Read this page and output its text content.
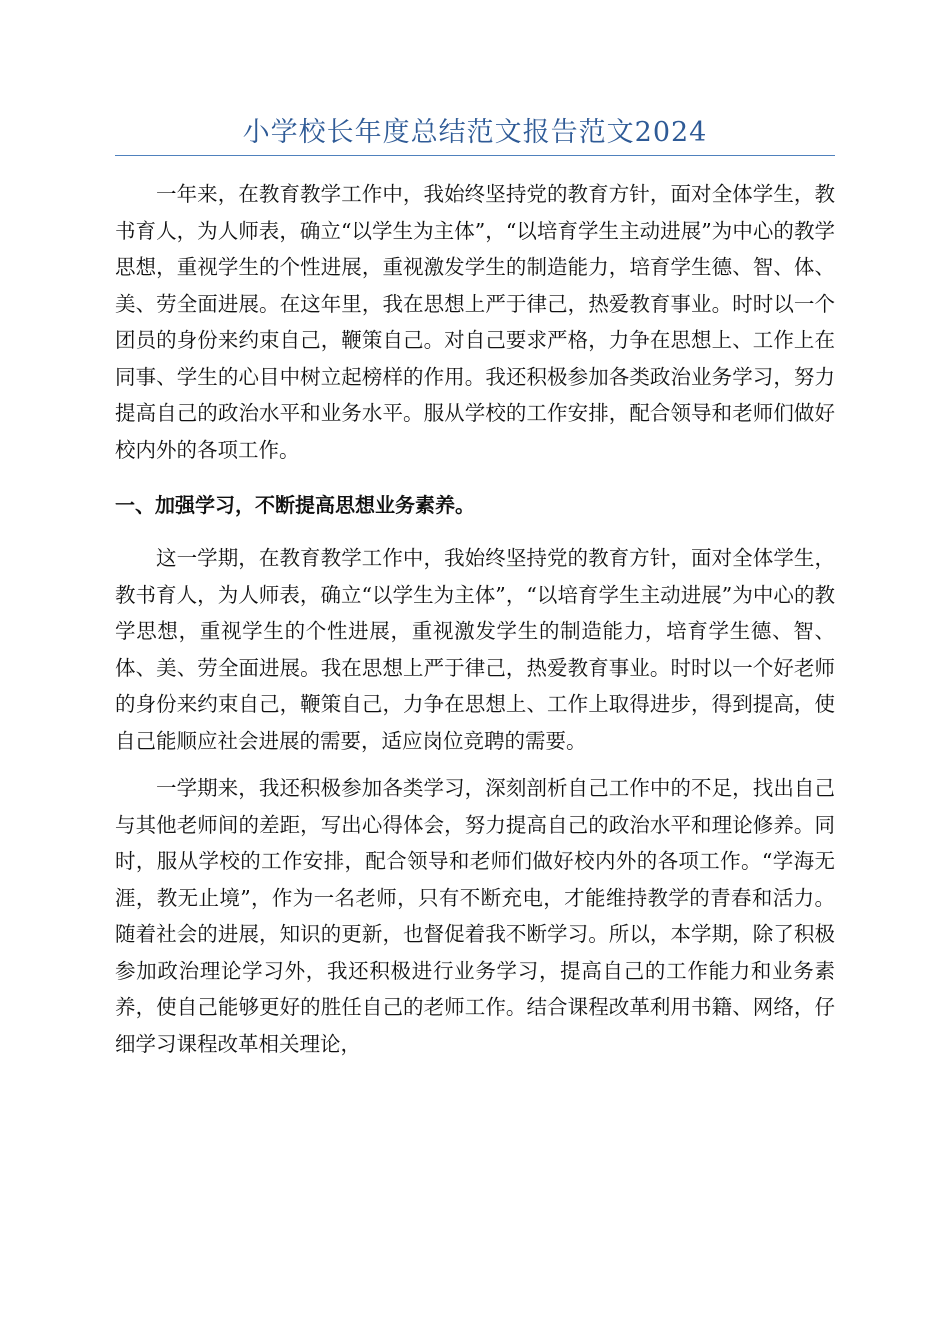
小学校长年度总结范文报告范文2024

一年来，在教育教学工作中，我始终坚持党的教育方针，面对全体学生，教书育人，为人师表，确立“以学生为主体”，“以培育学生主动进展”为中心的教学思想，重视学生的个性进展，重视激发学生的制造能力，培育学生德、智、体、美、劳全面进展。在这年里，我在思想上严于律己，热爱教育事业。时时以一个团员的身份来约束自己，鞭策自己。对自己要求严格，力争在思想上、工作上在同事、学生的心目中树立起榜样的作用。我还积极参加各类政治业务学习，努力提高自己的政治水平和业务水平。服从学校的工作安排，配合领导和老师们做好校内外的各项工作。

一、加强学习，不断提高思想业务素养。

这一学期，在教育教学工作中，我始终坚持党的教育方针，面对全体学生，教书育人，为人师表，确立“以学生为主体”，“以培育学生主动进展”为中心的教学思想，重视学生的个性进展，重视激发学生的制造能力，培育学生德、智、体、美、劳全面进展。我在思想上严于律己，热爱教育事业。时时以一个好老师的身份来约束自己，鞭策自己，力争在思想上、工作上取得进步，得到提高，使自己能顺应社会进展的需要，适应岗位竞聘的需要。

一学期来，我还积极参加各类学习，深刻剖析自己工作中的不足，找出自己与其他老师间的差距，写出心得体会，努力提高自己的政治水平和理论修养。同时，服从学校的工作安排，配合领导和老师们做好校内外的各项工作。“学海无涯，教无止境”，作为一名老师，只有不断充电，才能维持教学的青春和活力。随着社会的进展，知识的更新，也督促着我不断学习。所以，本学期，除了积极参加政治理论学习外，我还积极进行业务学习，提高自己的工作能力和业务素养，使自己能够更好的胜任自己的老师工作。结合课程改革利用书籍、网络，仔细学习课程改革相关理论，
